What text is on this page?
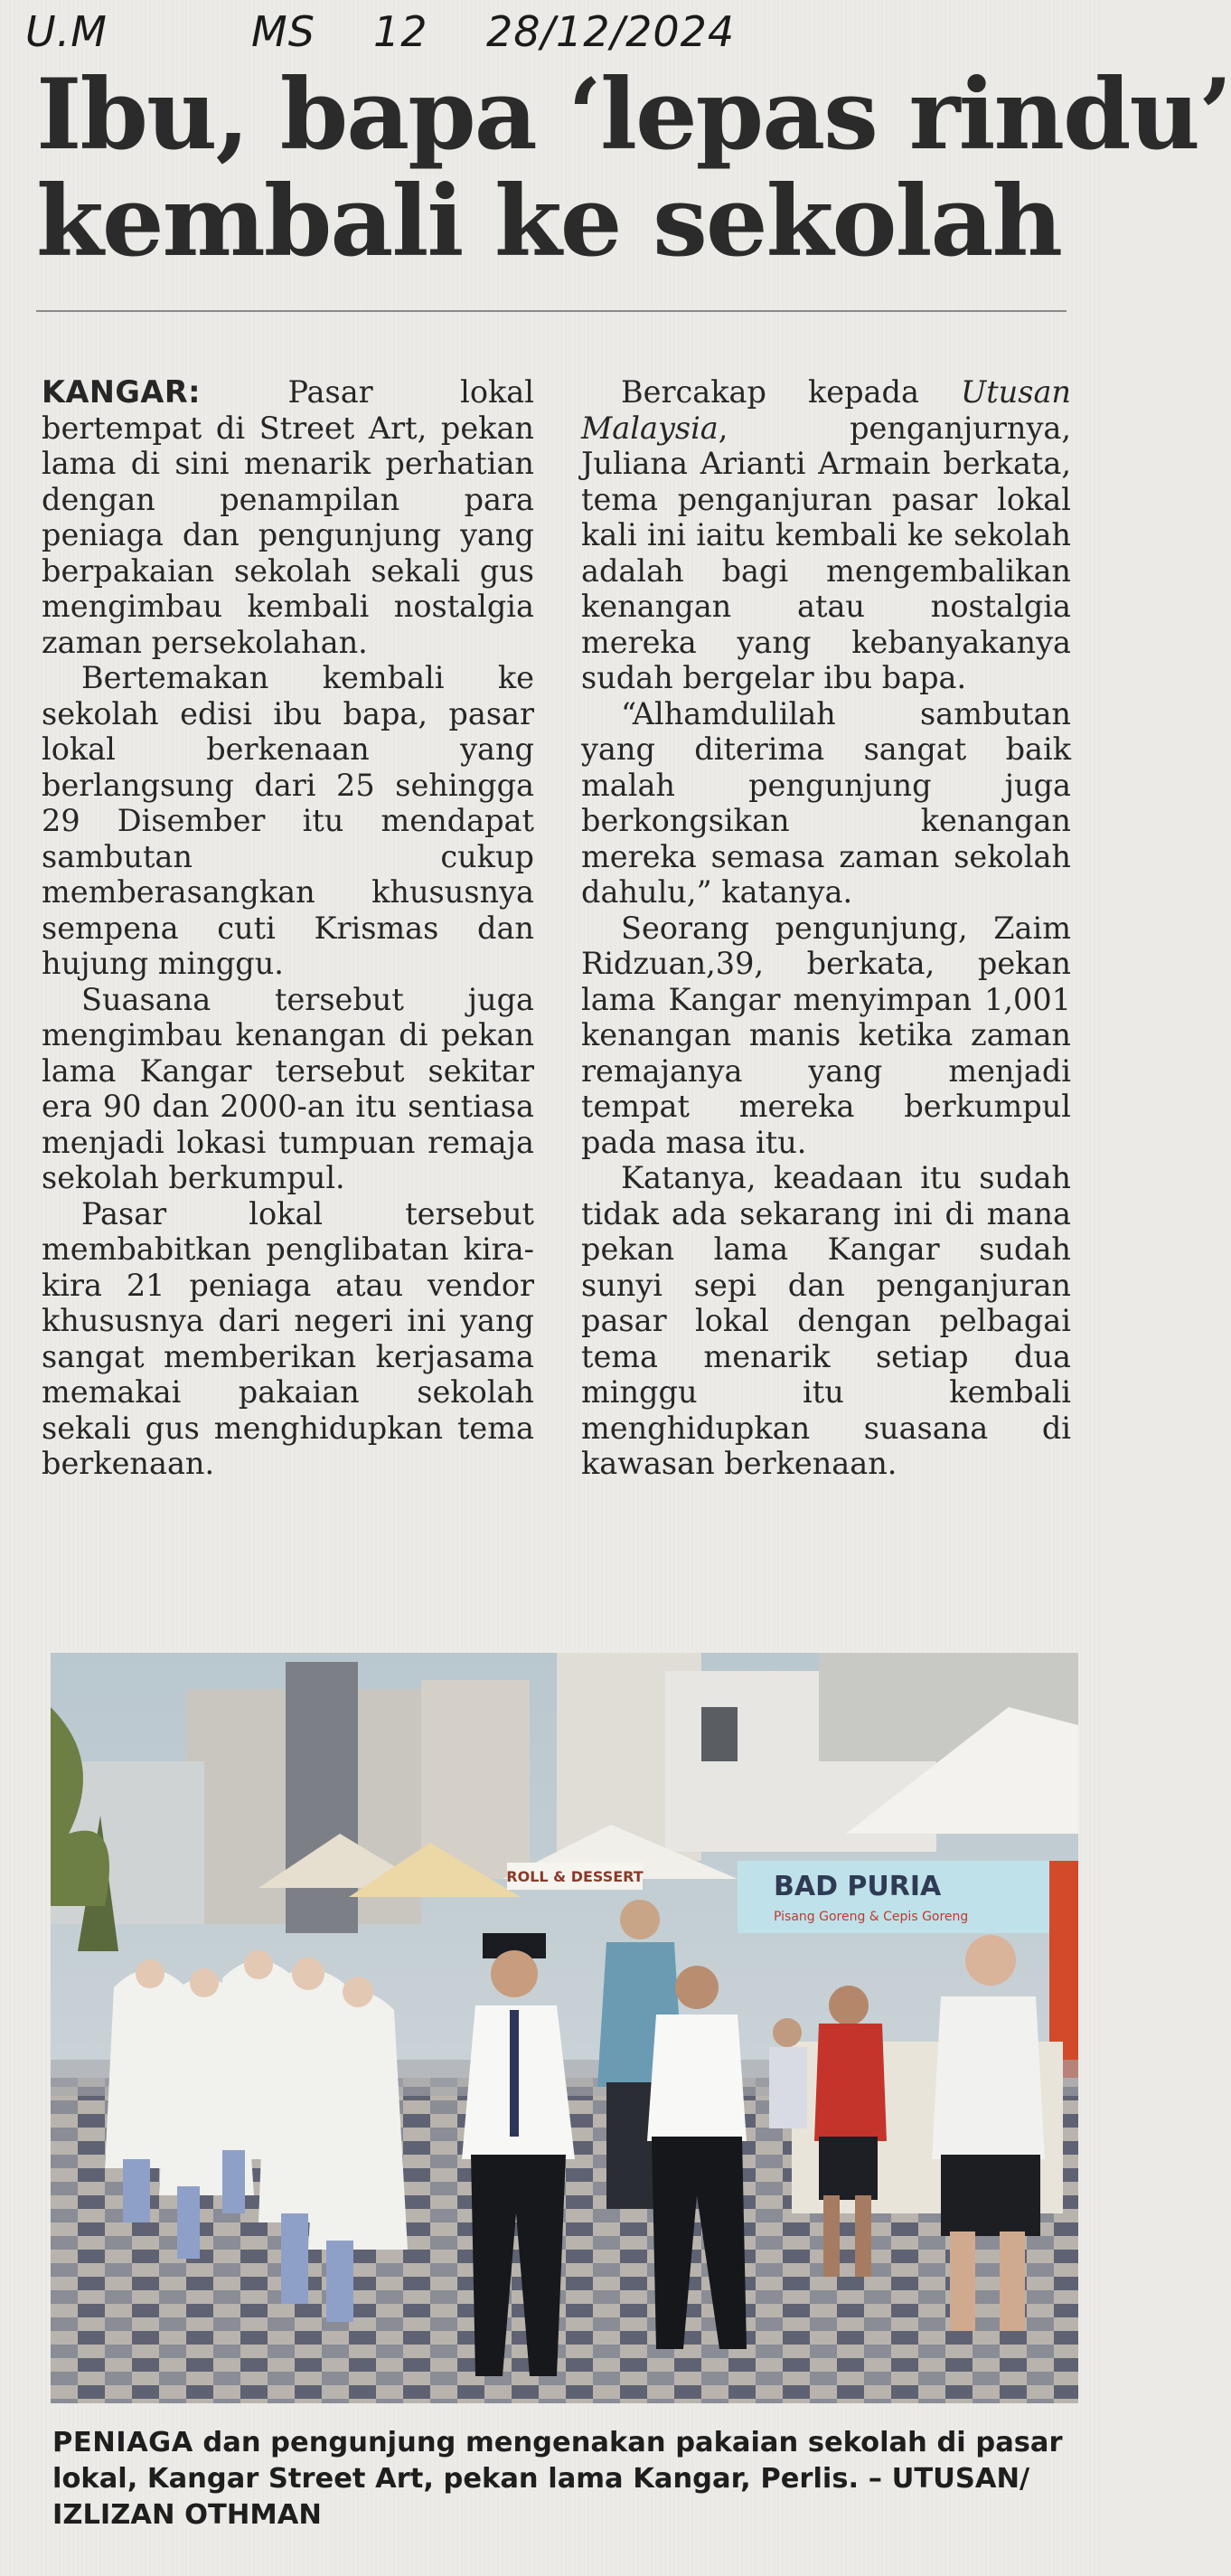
U.M	MS 12 28/12/2024
Ibu, bapa ‘lepas rindu’
kembali ke sekolah

KANGAR: Pasar lokal bertempat di Street Art, pekan lama di sini menarik perhatian dengan penampilan para peniaga dan pengunjung yang berpakaian sekolah sekali gus mengimbau kembali nostalgia zaman persekolahan.

Bertemakan kembali ke sekolah edisi ibu bapa, pasar lokal berkenaan yang berlangsung dari 25 sehingga 29 Disember itu mendapat sambutan cukup memberasangkan khususnya sempena cuti Krismas dan hujung minggu.

Suasana tersebut juga mengimbau kenangan di pekan lama Kangar tersebut sekitar era 90 dan 2000-an itu sentiasa menjadi lokasi tumpuan remaja sekolah berkumpul.

Pasar lokal tersebut membabitkan penglibatan kira-kira 21 peniaga atau vendor khususnya dari negeri ini yang sangat memberikan kerjasama memakai pakaian sekolah sekali gus menghidupkan tema berkenaan.

Bercakap kepada Utusan Malaysia, penganjurnya, Juliana Arianti Armain berkata, tema penganjuran pasar lokal kali ini iaitu kembali ke sekolah adalah bagi mengembalikan kenangan atau nostalgia mereka yang kebanyakanya sudah bergelar ibu bapa.

“Alhamdulilah sambutan yang diterima sangat baik malah pengunjung juga berkongsikan kenangan mereka semasa zaman sekolah dahulu,” katanya.

Seorang pengunjung, Zaim Ridzuan,39, berkata, pekan lama Kangar menyimpan 1,001 kenangan manis ketika zaman remajanya yang menjadi tempat mereka berkumpul pada masa itu.

Katanya, keadaan itu sudah tidak ada sekarang ini di mana pekan lama Kangar sudah sunyi sepi dan penganjuran pasar lokal dengan pelbagai tema menarik setiap dua minggu itu kembali menghidupkan suasana di kawasan berkenaan.

ROLL & DESSERT	BAD PURIA
Pisang Goreng & Cepis Goreng
PENIAGA dan pengunjung mengenakan pakaian sekolah di pasar lokal, Kangar Street Art, pekan lama Kangar, Perlis. – UTUSAN/ IZLIZAN OTHMAN
